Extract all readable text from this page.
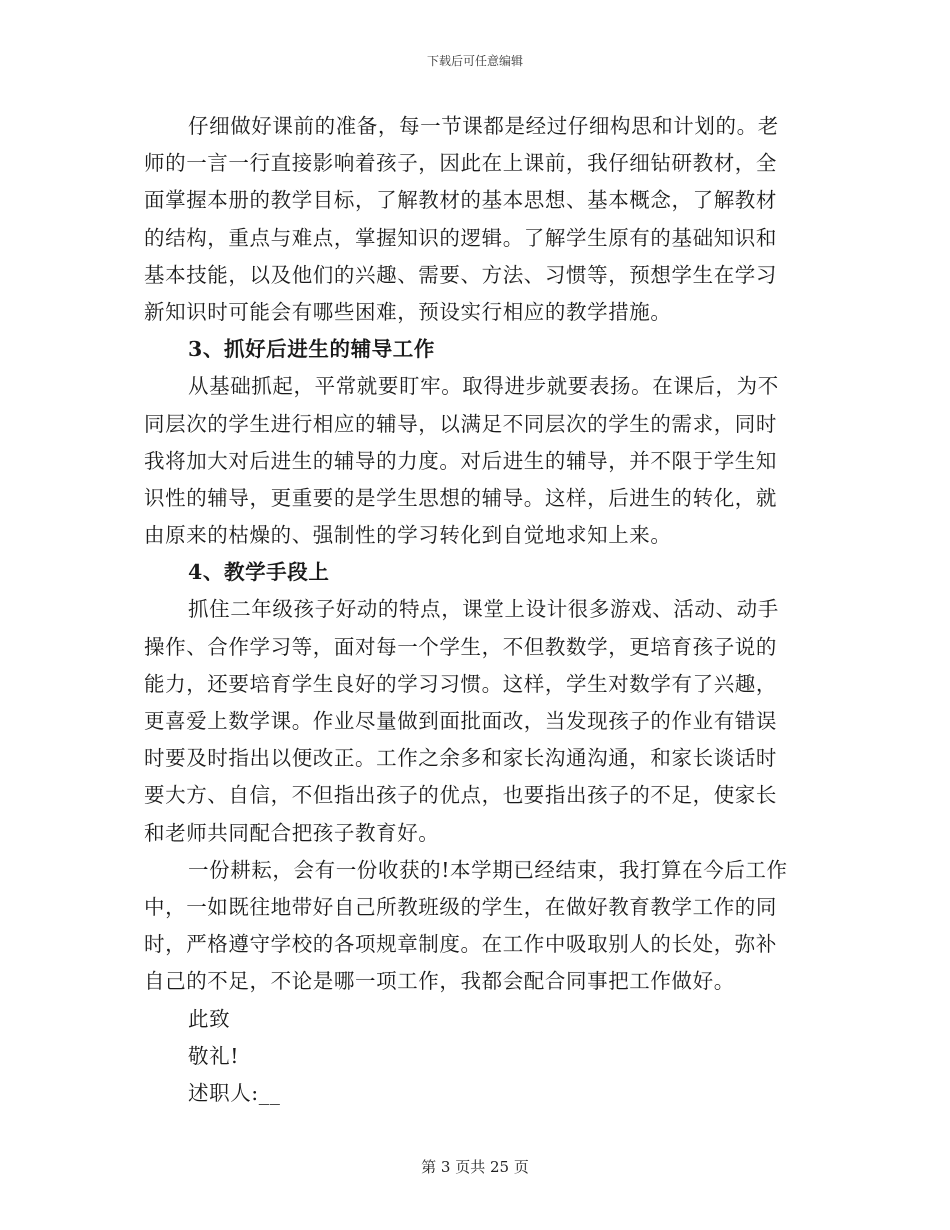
下载后可任意编辑
仔细做好课前的准备，每一节课都是经过仔细构思和计划的。老
师的一言一行直接影响着孩子，因此在上课前，我仔细钻研教材，全
面掌握本册的教学目标，了解教材的基本思想、基本概念，了解教材
的结构，重点与难点，掌握知识的逻辑。了解学生原有的基础知识和
基本技能，以及他们的兴趣、需要、方法、习惯等，预想学生在学习
新知识时可能会有哪些困难，预设实行相应的教学措施。
3、抓好后进生的辅导工作
从基础抓起，平常就要盯牢。取得进步就要表扬。在课后，为不
同层次的学生进行相应的辅导，以满足不同层次的学生的需求，同时
我将加大对后进生的辅导的力度。对后进生的辅导，并不限于学生知
识性的辅导，更重要的是学生思想的辅导。这样，后进生的转化，就
由原来的枯燥的、强制性的学习转化到自觉地求知上来。
4、教学手段上
抓住二年级孩子好动的特点，课堂上设计很多游戏、活动、动手
操作、合作学习等，面对每一个学生，不但教数学，更培育孩子说的
能力，还要培育学生良好的学习习惯。这样，学生对数学有了兴趣，
更喜爱上数学课。作业尽量做到面批面改，当发现孩子的作业有错误
时要及时指出以便改正。工作之余多和家长沟通沟通，和家长谈话时
要大方、自信，不但指出孩子的优点，也要指出孩子的不足，使家长
和老师共同配合把孩子教育好。
一份耕耘，会有一份收获的!本学期已经结束，我打算在今后工作
中，一如既往地带好自己所教班级的学生，在做好教育教学工作的同
时，严格遵守学校的各项规章制度。在工作中吸取别人的长处，弥补
自己的不足，不论是哪一项工作，我都会配合同事把工作做好。
此致
敬礼!
述职人:__
第 3 页共 25 页
